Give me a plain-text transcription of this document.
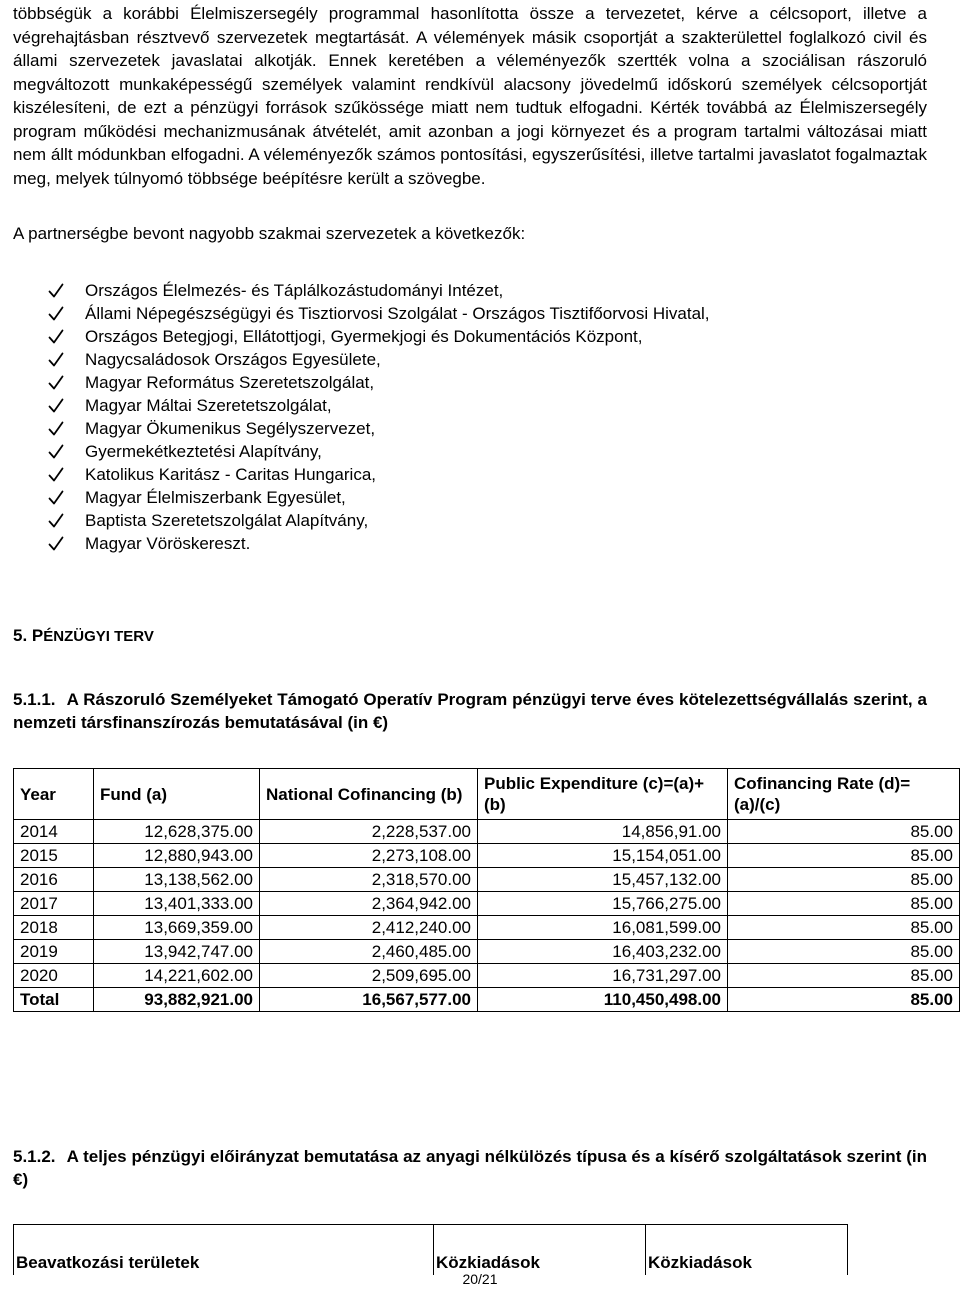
többségük a korábbi Élelmiszersegély programmal hasonlította össze a tervezetet, kérve a célcsoport, illetve a végrehajtásban résztvevő szervezetek megtartását. A vélemények másik csoportját a szakterülettel foglalkozó civil és állami szervezetek javaslatai alkotják. Ennek keretében a véleményezők szertték volna a szociálisan rászoruló megváltozott munkaképességű személyek valamint rendkívül alacsony jövedelmű időskorú személyek célcsoportját kiszélesíteni, de ezt a pénzügyi források szűkössége miatt nem tudtuk elfogadni. Kérték továbbá az Élelmiszersegély program működési mechanizmusának átvételét, amit azonban a jogi környezet és a program tartalmi változásai miatt nem állt módunkban elfogadni. A véleményezők számos pontosítási, egyszerűsítési, illetve tartalmi javaslatot fogalmaztak meg, melyek túlnyomó többsége beépítésre került a szövegbe.

A partnerségbe bevont nagyobb szakmai szervezetek a következők:

Országos Élelmezés- és Táplálkozástudományi Intézet,
Állami Népegészségügyi és Tisztiorvosi Szolgálat - Országos Tisztifőorvosi Hivatal,
Országos Betegjogi, Ellátottjogi, Gyermekjogi és Dokumentációs Központ,
Nagycsaládosok Országos Egyesülete,
Magyar Református Szeretetszolgálat,
Magyar Máltai Szeretetszolgálat,
Magyar Ökumenikus Segélyszervezet,
Gyermekétkeztetési Alapítvány,
Katolikus Karitász - Caritas Hungarica,
Magyar Élelmiszerbank Egyesület,
Baptista Szeretetszolgálat Alapítvány,
Magyar Vöröskereszt.
5. PÉNZÜGYI TERV

5.1.1. A Rászoruló Személyeket Támogató Operatív Program pénzügyi terve éves kötelezettségvállalás szerint, a nemzeti társfinanszírozás bemutatásával (in €)

Year	Fund (a)	National Cofinancing (b)	Public Expenditure (c)=(a)+(b)	Cofinancing Rate (d)=(a)/(c)
2014	12,628,375.00	2,228,537.00	14,856,91.00	85.00
2015	12,880,943.00	2,273,108.00	15,154,051.00	85.00
2016	13,138,562.00	2,318,570.00	15,457,132.00	85.00
2017	13,401,333.00	2,364,942.00	15,766,275.00	85.00
2018	13,669,359.00	2,412,240.00	16,081,599.00	85.00
2019	13,942,747.00	2,460,485.00	16,403,232.00	85.00
2020	14,221,602.00	2,509,695.00	16,731,297.00	85.00
Total	93,882,921.00	16,567,577.00	110,450,498.00	85.00

5.1.2. A teljes pénzügyi előirányzat bemutatása az anyagi nélkülözés típusa és a kísérő szolgáltatások szerint (in €)

Beavatkozási területek	Közkiadások	Közkiadások
20/21
